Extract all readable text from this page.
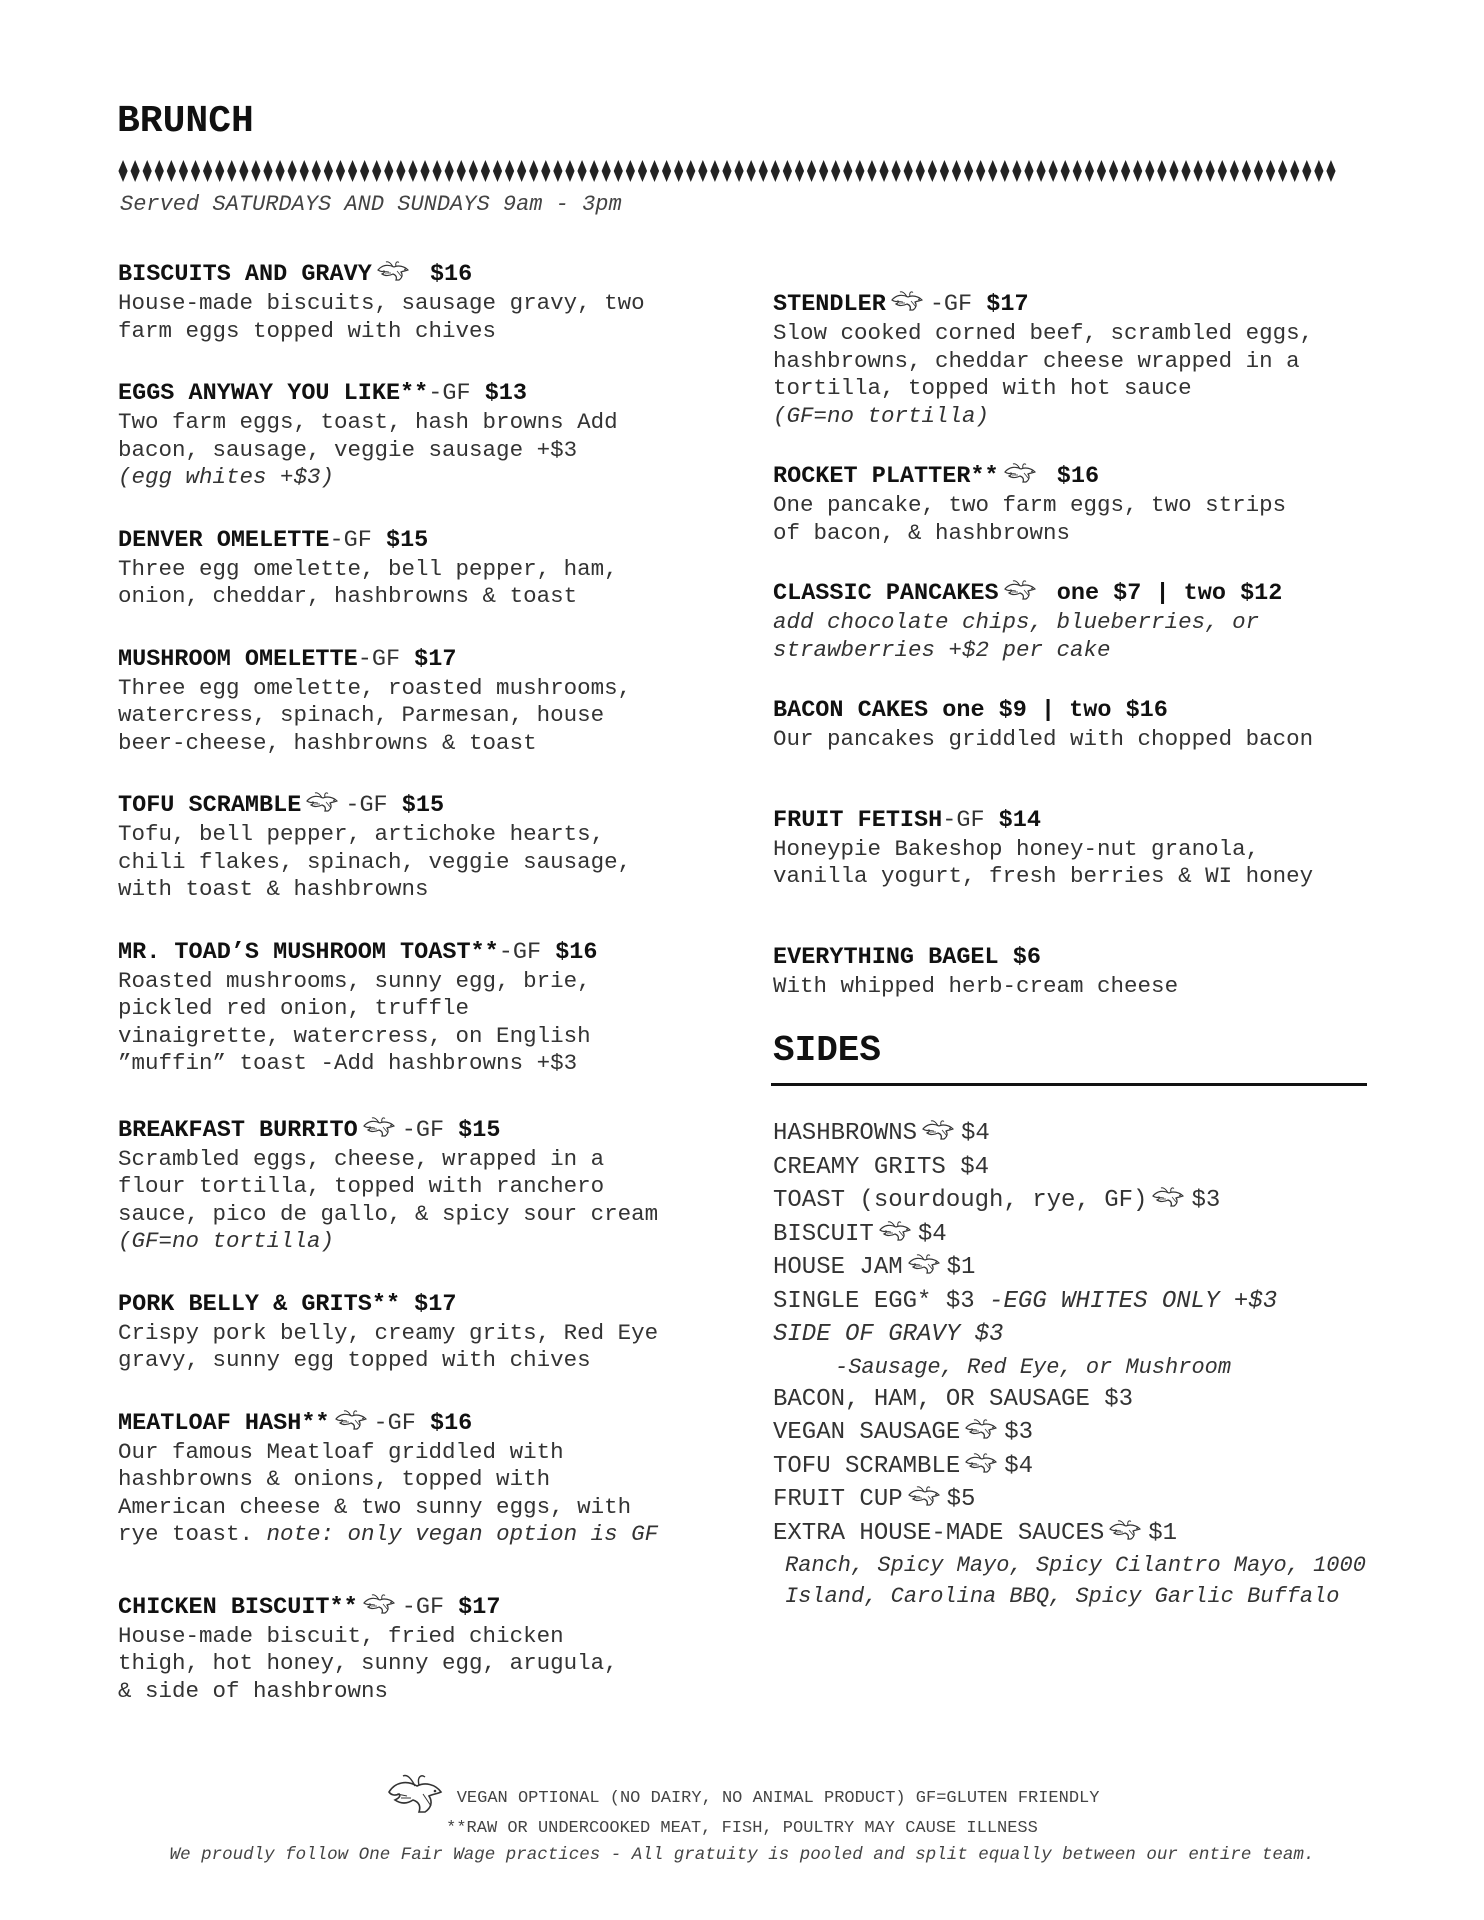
BRUNCH
Served SATURDAYS AND SUNDAYS 9am - 3pm
BISCUITS AND GRAVY $16
House-made biscuits, sausage gravy, two
farm eggs topped with chives
EGGS ANYWAY YOU LIKE**-GF $13
Two farm eggs, toast, hash browns Add
bacon, sausage, veggie sausage +$3
(egg whites +$3)
DENVER OMELETTE-GF $15
Three egg omelette, bell pepper, ham,
onion, cheddar, hashbrowns & toast
MUSHROOM OMELETTE-GF $17
Three egg omelette, roasted mushrooms,
watercress, spinach, Parmesan, house
beer-cheese, hashbrowns & toast
TOFU SCRAMBLE -GF $15
Tofu, bell pepper, artichoke hearts,
chili flakes, spinach, veggie sausage,
with toast & hashbrowns
MR. TOAD’S MUSHROOM TOAST**-GF $16
Roasted mushrooms, sunny egg, brie,
pickled red onion, truffle
vinaigrette, watercress, on English
”muffin” toast -Add hashbrowns +$3
BREAKFAST BURRITO -GF $15
Scrambled eggs, cheese, wrapped in a
flour tortilla, topped with ranchero
sauce, pico de gallo, & spicy sour cream
(GF=no tortilla)
PORK BELLY & GRITS** $17
Crispy pork belly, creamy grits, Red Eye
gravy, sunny egg topped with chives
MEATLOAF HASH** -GF $16
Our famous Meatloaf griddled with
hashbrowns & onions, topped with
American cheese & two sunny eggs, with
rye toast. note: only vegan option is GF
CHICKEN BISCUIT** -GF $17
House-made biscuit, fried chicken
thigh, hot honey, sunny egg, arugula,
& side of hashbrowns
STENDLER -GF $17
Slow cooked corned beef, scrambled eggs,
hashbrowns, cheddar cheese wrapped in a
tortilla, topped with hot sauce
(GF=no tortilla)
ROCKET PLATTER** $16
One pancake, two farm eggs, two strips
of bacon, & hashbrowns
CLASSIC PANCAKES one $7 | two $12
add chocolate chips, blueberries, or
strawberries +$2 per cake
BACON CAKES one $9 | two $16
Our pancakes griddled with chopped bacon
FRUIT FETISH-GF $14
Honeypie Bakeshop honey-nut granola,
vanilla yogurt, fresh berries & WI honey
EVERYTHING BAGEL $6
With whipped herb-cream cheese
SIDES
HASHBROWNS $4
CREAMY GRITS $4
TOAST (sourdough, rye, GF) $3
BISCUIT $4
HOUSE JAM $1
SINGLE EGG* $3 -EGG WHITES ONLY +$3
SIDE OF GRAVY $3
-Sausage, Red Eye, or Mushroom
BACON, HAM, OR SAUSAGE $3
VEGAN SAUSAGE $3
TOFU SCRAMBLE $4
FRUIT CUP $5
EXTRA HOUSE-MADE SAUCES $1
Ranch, Spicy Mayo, Spicy Cilantro Mayo, 1000 Island, Carolina BBQ, Spicy Garlic Buffalo
VEGAN OPTIONAL (NO DAIRY, NO ANIMAL PRODUCT) GF=GLUTEN FRIENDLY
**RAW OR UNDERCOOKED MEAT, FISH, POULTRY MAY CAUSE ILLNESS
We proudly follow One Fair Wage practices - All gratuity is pooled and split equally between our entire team.
